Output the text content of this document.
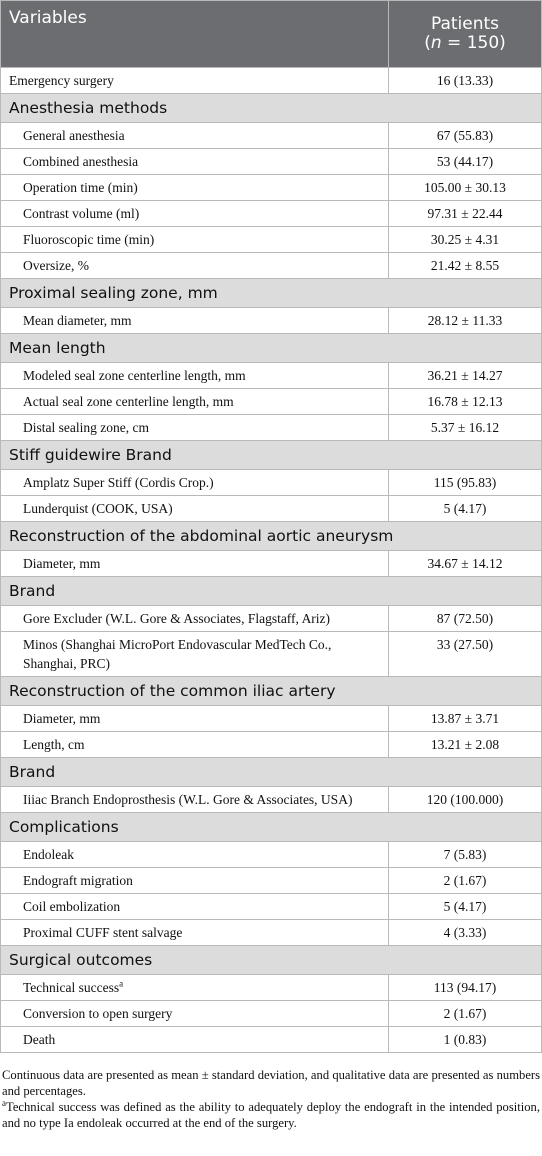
Variables	Patients
(n = 150)
Emergency surgery	16 (13.33)
Anesthesia methods	
General anesthesia	67 (55.83)
Combined anesthesia	53 (44.17)
Operation time (min)	105.00 ± 30.13
Contrast volume (ml)	97.31 ± 22.44
Fluoroscopic time (min)	30.25 ± 4.31
Oversize, %	21.42 ± 8.55
Proximal sealing zone, mm	
Mean diameter, mm	28.12 ± 11.33
Mean length	
Modeled seal zone centerline length, mm	36.21 ± 14.27
Actual seal zone centerline length, mm	16.78 ± 12.13
Distal sealing zone, cm	5.37 ± 16.12
Stiff guidewire Brand	
Amplatz Super Stiff (Cordis Crop.)	115 (95.83)
Lunderquist (COOK, USA)	5 (4.17)
Reconstruction of the abdominal aortic aneurysm	
Diameter, mm	34.67 ± 14.12
Brand	
Gore Excluder (W.L. Gore & Associates, Flagstaff, Ariz)	87 (72.50)
Minos (Shanghai MicroPort Endovascular MedTech Co., Shanghai, PRC)	33 (27.50)
Reconstruction of the common iliac artery	
Diameter, mm	13.87 ± 3.71
Length, cm	13.21 ± 2.08
Brand	
Iiiac Branch Endoprosthesis (W.L. Gore & Associates, USA)	120 (100.000)
Complications	
Endoleak	7 (5.83)
Endograft migration	2 (1.67)
Coil embolization	5 (4.17)
Proximal CUFF stent salvage	4 (3.33)
Surgical outcomes	
Technical success$^a$	113 (94.17)
Conversion to open surgery	2 (1.67)
Death	1 (0.83)

Continuous data are presented as mean ± standard deviation, and qualitative data are presented as numbers and percentages.

$^a$Technical success was defined as the ability to adequately deploy the endograft in the intended position, and no type Ia endoleak occurred at the end of the surgery.
